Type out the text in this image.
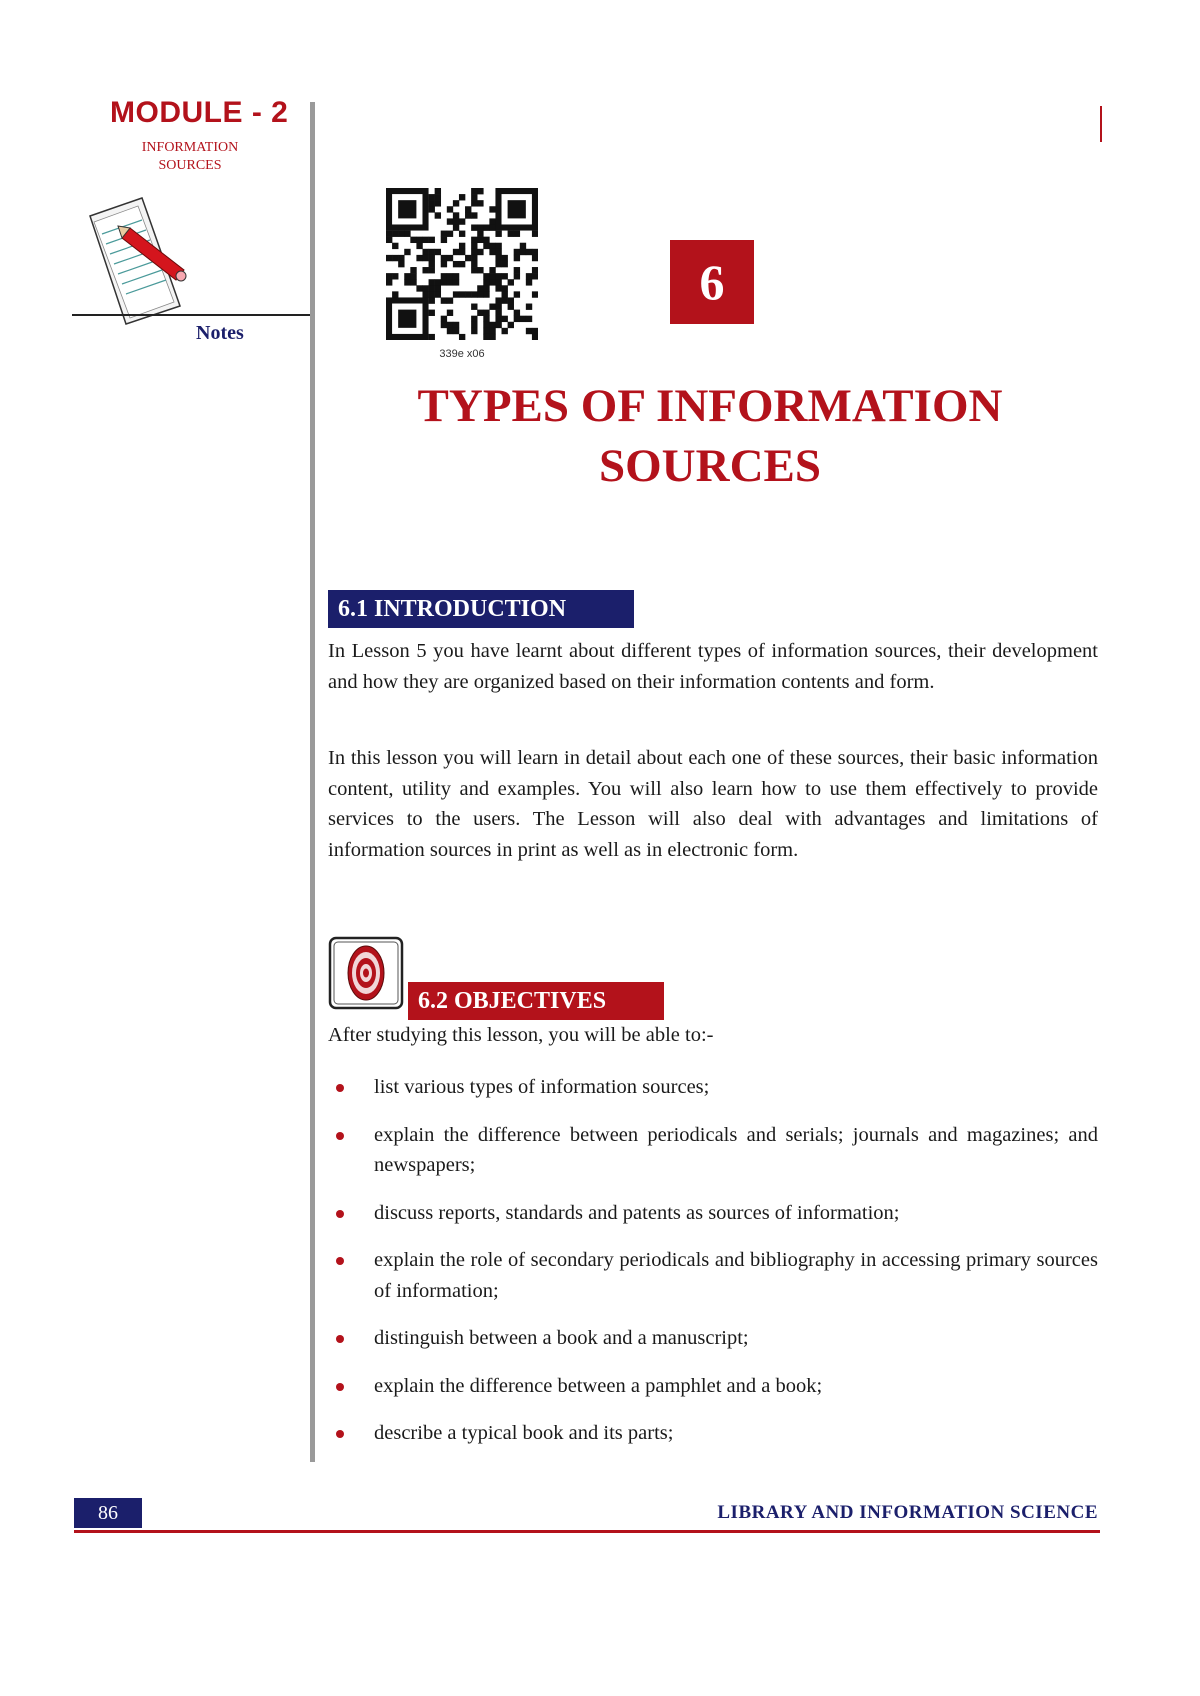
MODULE - 2
INFORMATION
SOURCES
Notes
339e x06
6
TYPES OF INFORMATION
SOURCES
6.1 INTRODUCTION
In Lesson 5 you have learnt about different types of information sources, their development and how they are organized based on their information contents and form.
In this lesson you will learn in detail about each one of these sources, their basic information content, utility and examples. You will also learn how to use them effectively to provide services to the users. The Lesson will also deal with advantages and limitations of information sources in print as well as in electronic form.
6.2 OBJECTIVES
After studying this lesson, you will be able to:-
list various types of information sources;
explain the difference between periodicals and serials; journals and magazines; and newspapers;
discuss reports, standards and patents as sources of information;
explain the role of secondary periodicals and bibliography in accessing primary sources of information;
distinguish between a book and a manuscript;
explain the difference between a pamphlet and a book;
describe a typical book and its parts;
86	LIBRARY AND INFORMATION SCIENCE
